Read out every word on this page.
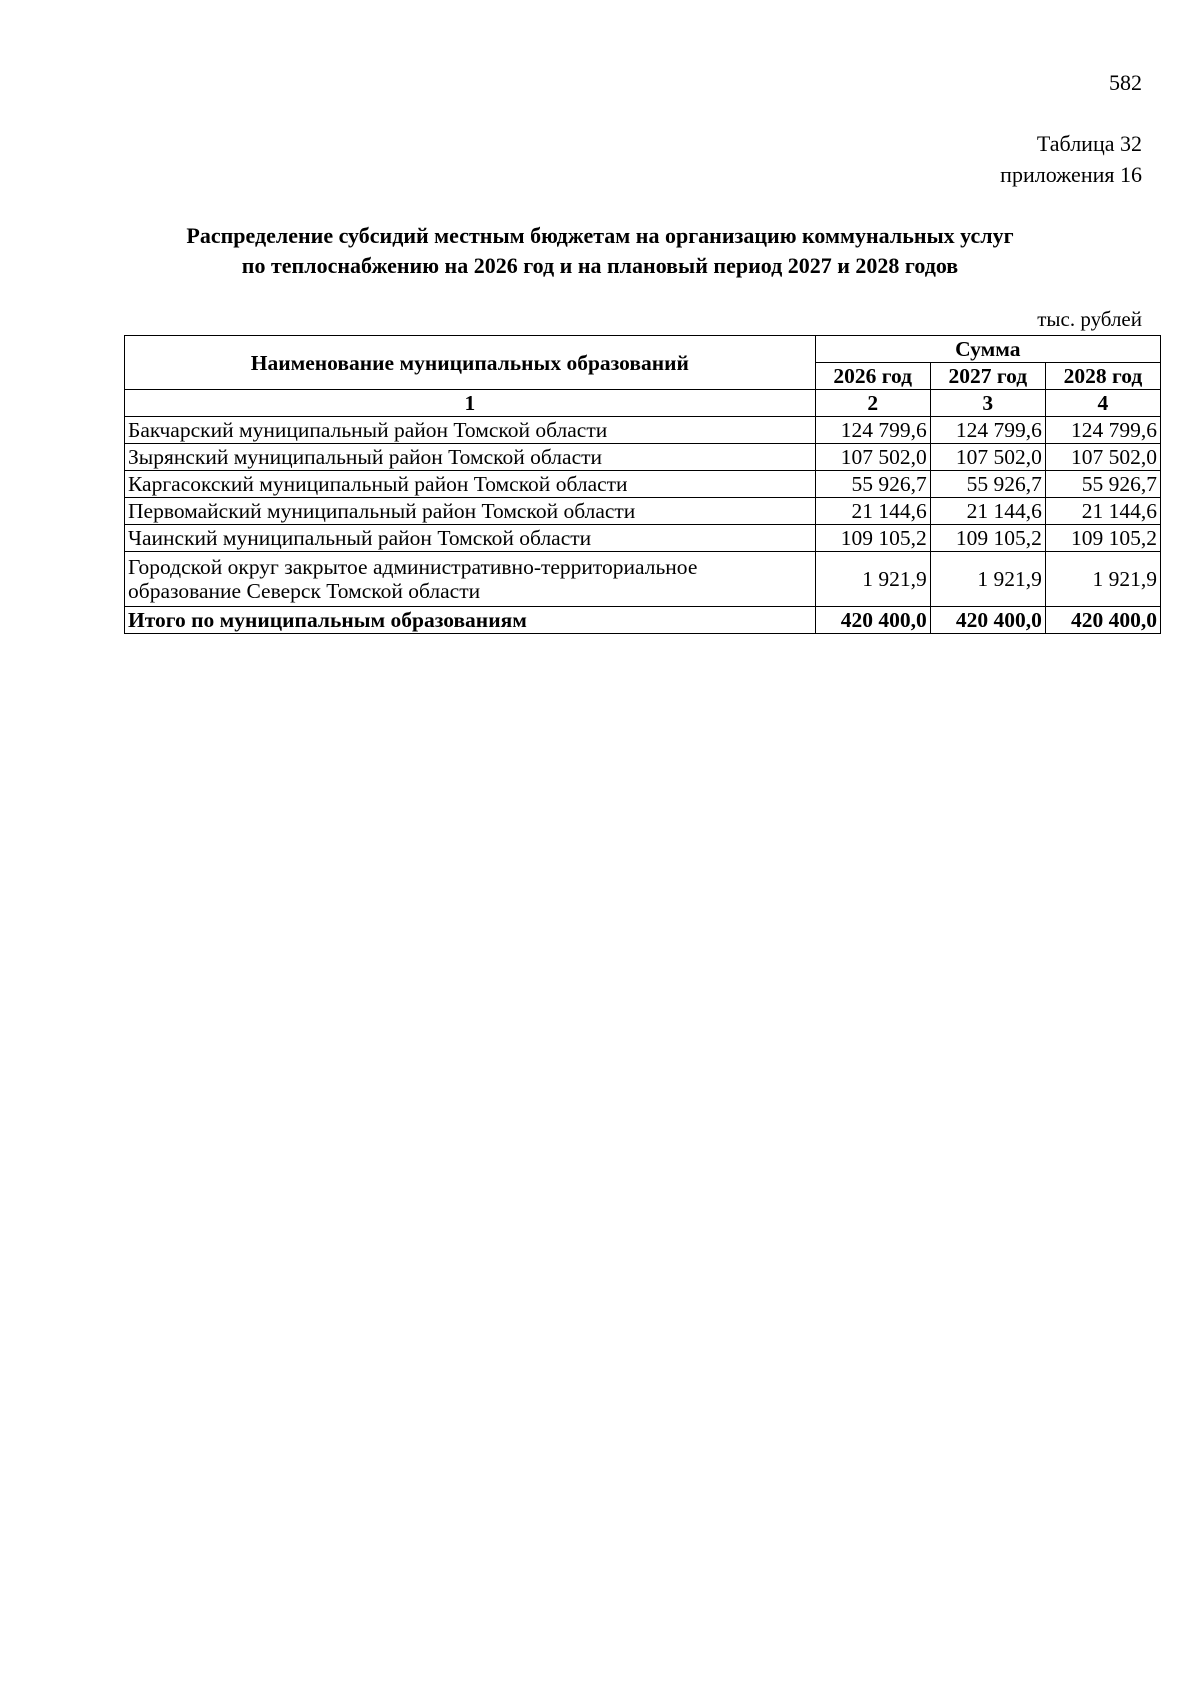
582
Таблица 32
приложения 16
Распределение субсидий местным бюджетам на организацию коммунальных услуг
по теплоснабжению на 2026 год и на плановый период 2027 и 2028 годов
тыс. рублей
Наименование муниципальных образований	Сумма		
	2026 год	2027 год	2028 год
1	2	3	4
Бакчарский муниципальный район Томской области	124 799,6	124 799,6	124 799,6
Зырянский муниципальный район Томской области	107 502,0	107 502,0	107 502,0
Каргасокский муниципальный район Томской области	55 926,7	55 926,7	55 926,7
Первомайский муниципальный район Томской области	21 144,6	21 144,6	21 144,6
Чаинский муниципальный район Томской области	109 105,2	109 105,2	109 105,2
Городской округ закрытое административно-территориальное
образование Северск Томской области	1 921,9	1 921,9	1 921,9
Итого по муниципальным образованиям	420 400,0	420 400,0	420 400,0
